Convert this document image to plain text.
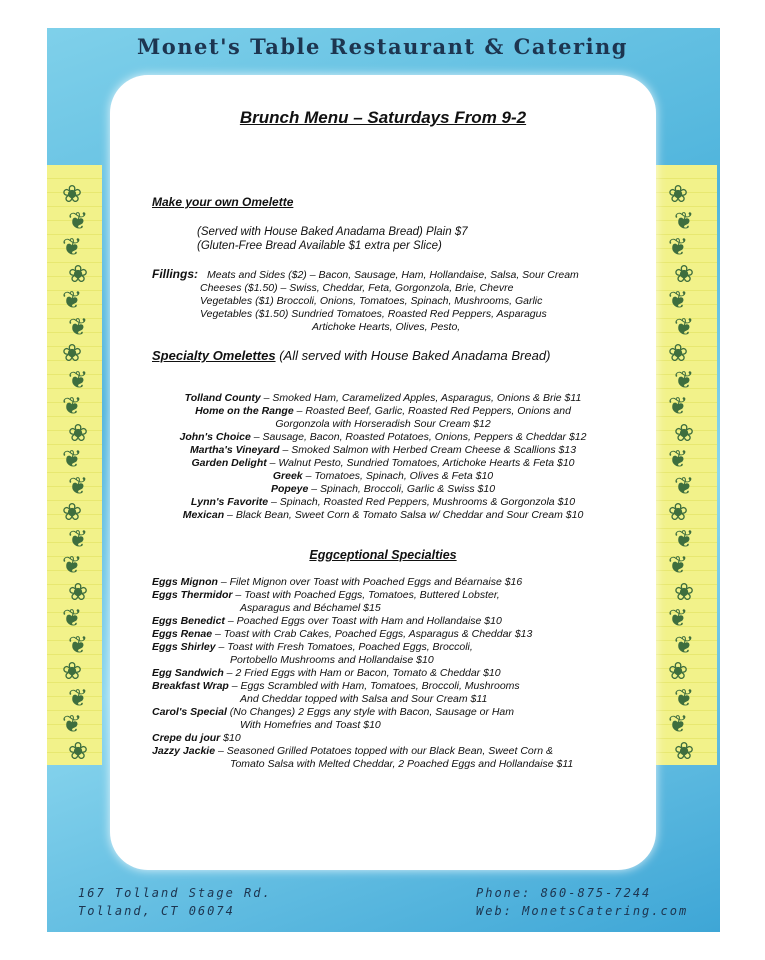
❀	❀
❦	❦
❦	❦
❀	❀
❦	❦
❦	❦
❀	❀
❦	❦
❦	❦
❀	❀
❦	❦
❦	❦
❀	❀
❦	❦
❦	❦
❀	❀
❦	❦
❦	❦
❀	❀
❦	❦
❦	❦
❀	❀
Monet's Table Restaurant & Catering
Brunch Menu – Saturdays From 9-2
Make your own Omelette
(Served with House Baked Anadama Bread) Plain $7
(Gluten-Free Bread Available $1 extra per Slice)
Fillings: Meats and Sides ($2) – Bacon, Sausage, Ham, Hollandaise, Salsa, Sour Cream
Cheeses ($1.50) – Swiss, Cheddar, Feta, Gorgonzola, Brie, Chevre
Vegetables ($1) Broccoli, Onions, Tomatoes, Spinach, Mushrooms, Garlic
Vegetables ($1.50) Sundried Tomatoes, Roasted Red Peppers, Asparagus
Artichoke Hearts, Olives, Pesto,
Specialty Omelettes (All served with House Baked Anadama Bread)
Tolland County – Smoked Ham, Caramelized Apples, Asparagus, Onions & Brie $11
Home on the Range – Roasted Beef, Garlic, Roasted Red Peppers, Onions and
Gorgonzola with Horseradish Sour Cream $12
John's Choice – Sausage, Bacon, Roasted Potatoes, Onions, Peppers & Cheddar $12
Martha's Vineyard – Smoked Salmon with Herbed Cream Cheese & Scallions $13
Garden Delight – Walnut Pesto, Sundried Tomatoes, Artichoke Hearts & Feta $10
Greek – Tomatoes, Spinach, Olives & Feta $10
Popeye – Spinach, Broccoli, Garlic & Swiss $10
Lynn's Favorite – Spinach, Roasted Red Peppers, Mushrooms & Gorgonzola $10
Mexican – Black Bean, Sweet Corn & Tomato Salsa w/ Cheddar and Sour Cream $10
Eggceptional Specialties
Eggs Mignon – Filet Mignon over Toast with Poached Eggs and Béarnaise $16
Eggs Thermidor – Toast with Poached Eggs, Tomatoes, Buttered Lobster,
Asparagus and Béchamel $15
Eggs Benedict – Poached Eggs over Toast with Ham and Hollandaise $10
Eggs Renae – Toast with Crab Cakes, Poached Eggs, Asparagus & Cheddar $13
Eggs Shirley – Toast with Fresh Tomatoes, Poached Eggs, Broccoli,
Portobello Mushrooms and Hollandaise $10
Egg Sandwich – 2 Fried Eggs with Ham or Bacon, Tomato & Cheddar $10
Breakfast Wrap – Eggs Scrambled with Ham, Tomatoes, Broccoli, Mushrooms
And Cheddar topped with Salsa and Sour Cream $11
Carol's Special (No Changes) 2 Eggs any style with Bacon, Sausage or Ham
With Homefries and Toast $10
Crepe du jour $10
Jazzy Jackie – Seasoned Grilled Potatoes topped with our Black Bean, Sweet Corn &
Tomato Salsa with Melted Cheddar, 2 Poached Eggs and Hollandaise $11
167 Tolland Stage Rd.
Tolland, CT 06074
Phone: 860-875-7244
Web: MonetsCatering.com
menupix
